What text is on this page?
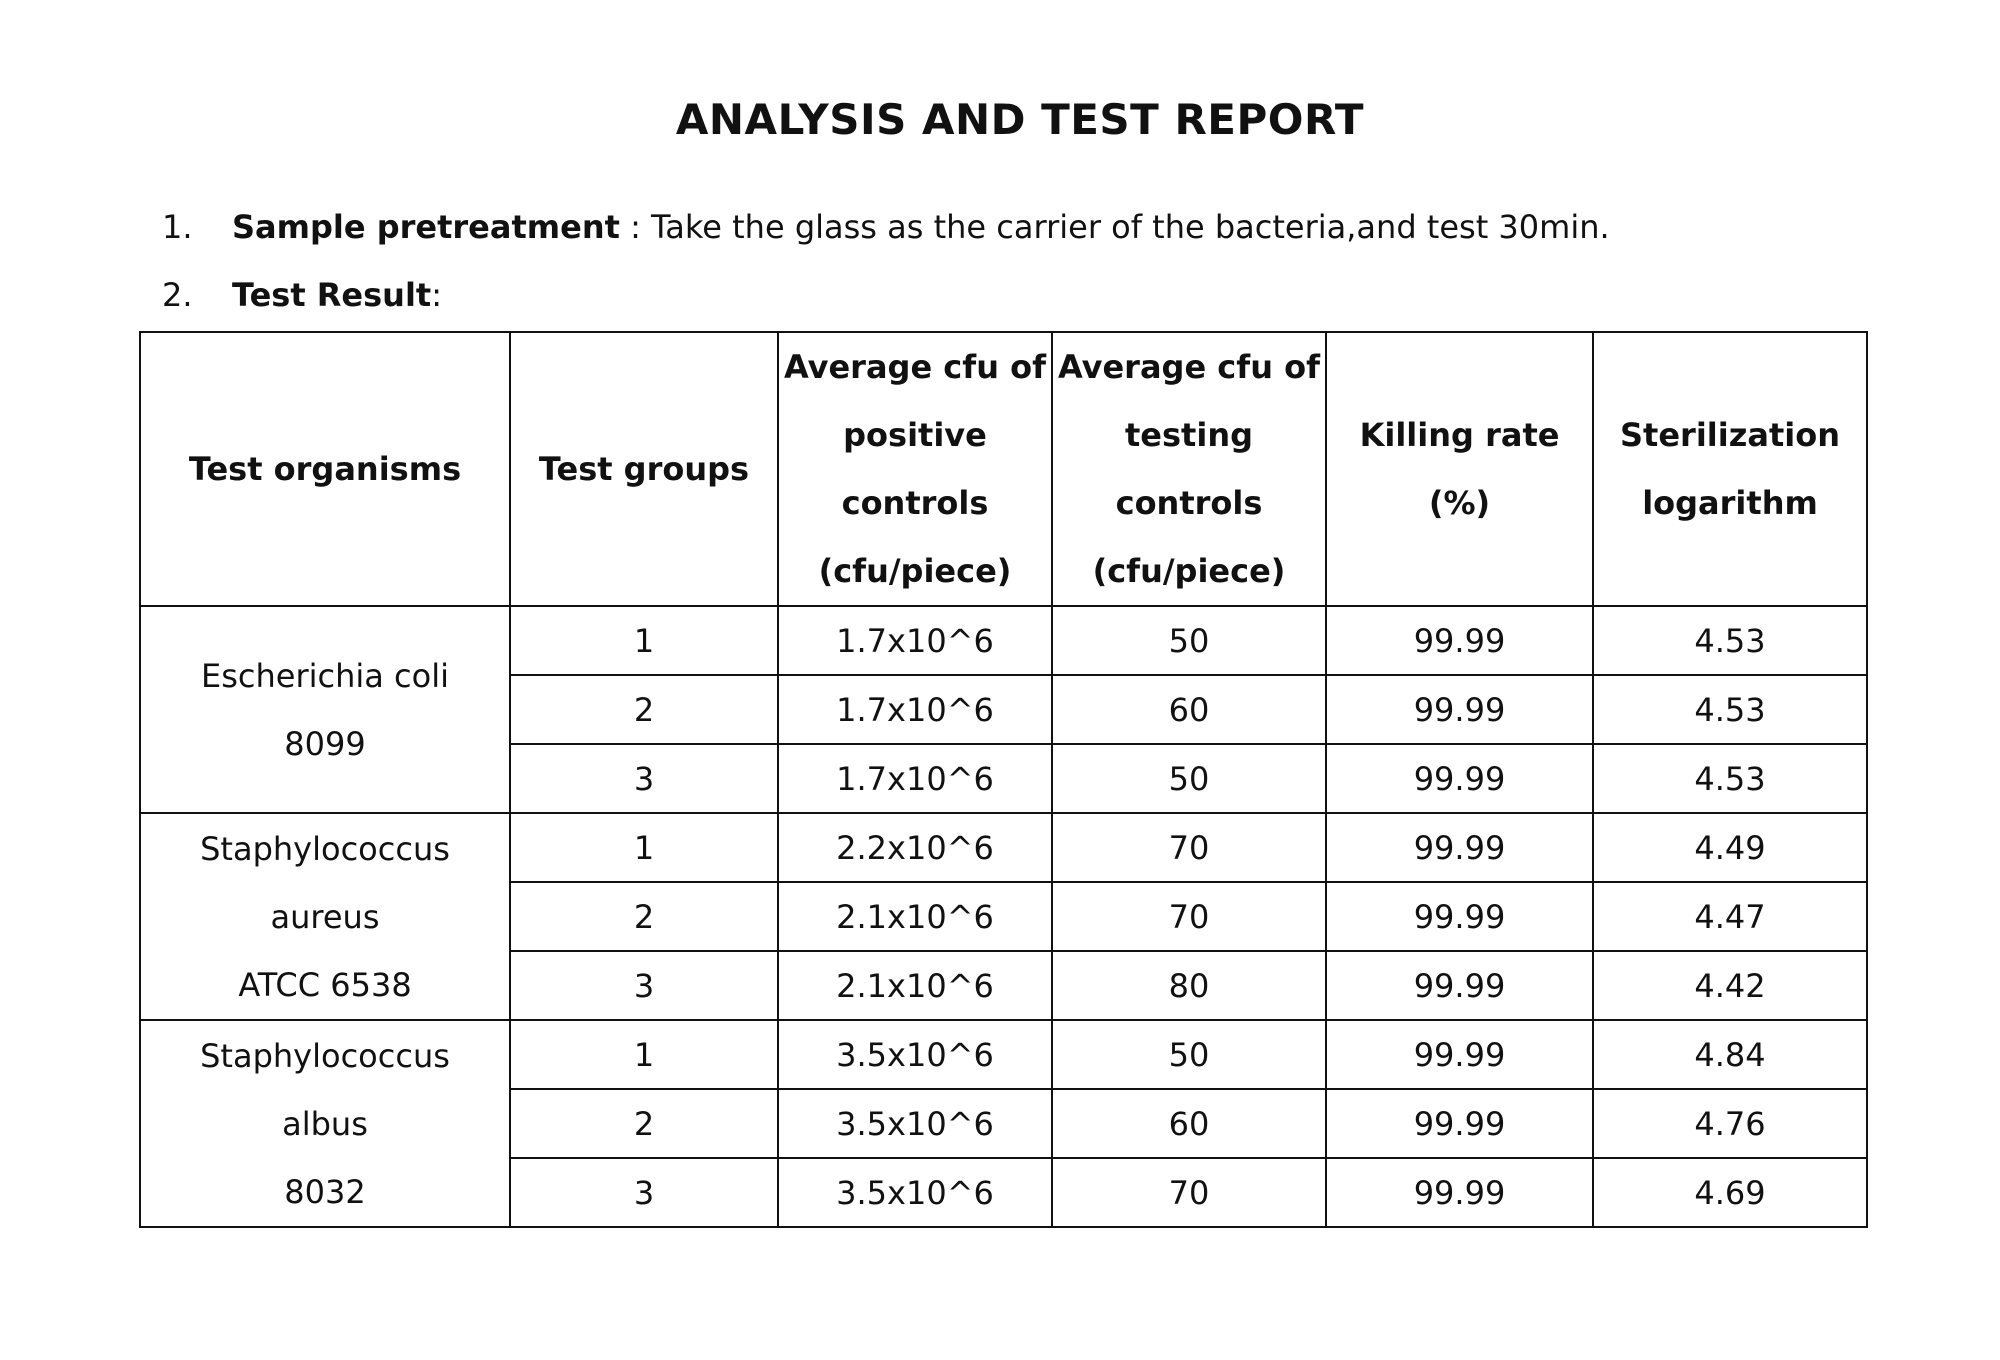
ANALYSIS AND TEST REPORT
1. Sample pretreatment : Take the glass as the carrier of the bacteria,and test 30min.
2. Test Result:
Test organisms	Test groups	Average cfu of
positive
controls
(cfu/piece)	Average cfu of
testing
controls
(cfu/piece)	Killing rate
(%)	Sterilization
logarithm

Escherichia coli
8099	1	1.7x10^6	50	99.99	4.53
	2	1.7x10^6	60	99.99	4.53
	3	1.7x10^6	50	99.99	4.53

Staphylococcus
aureus
ATCC 6538	1	2.2x10^6	70	99.99	4.49
	2	2.1x10^6	70	99.99	4.47
	3	2.1x10^6	80	99.99	4.42

Staphylococcus
albus
8032	1	3.5x10^6	50	99.99	4.84
	2	3.5x10^6	60	99.99	4.76
	3	3.5x10^6	70	99.99	4.69
